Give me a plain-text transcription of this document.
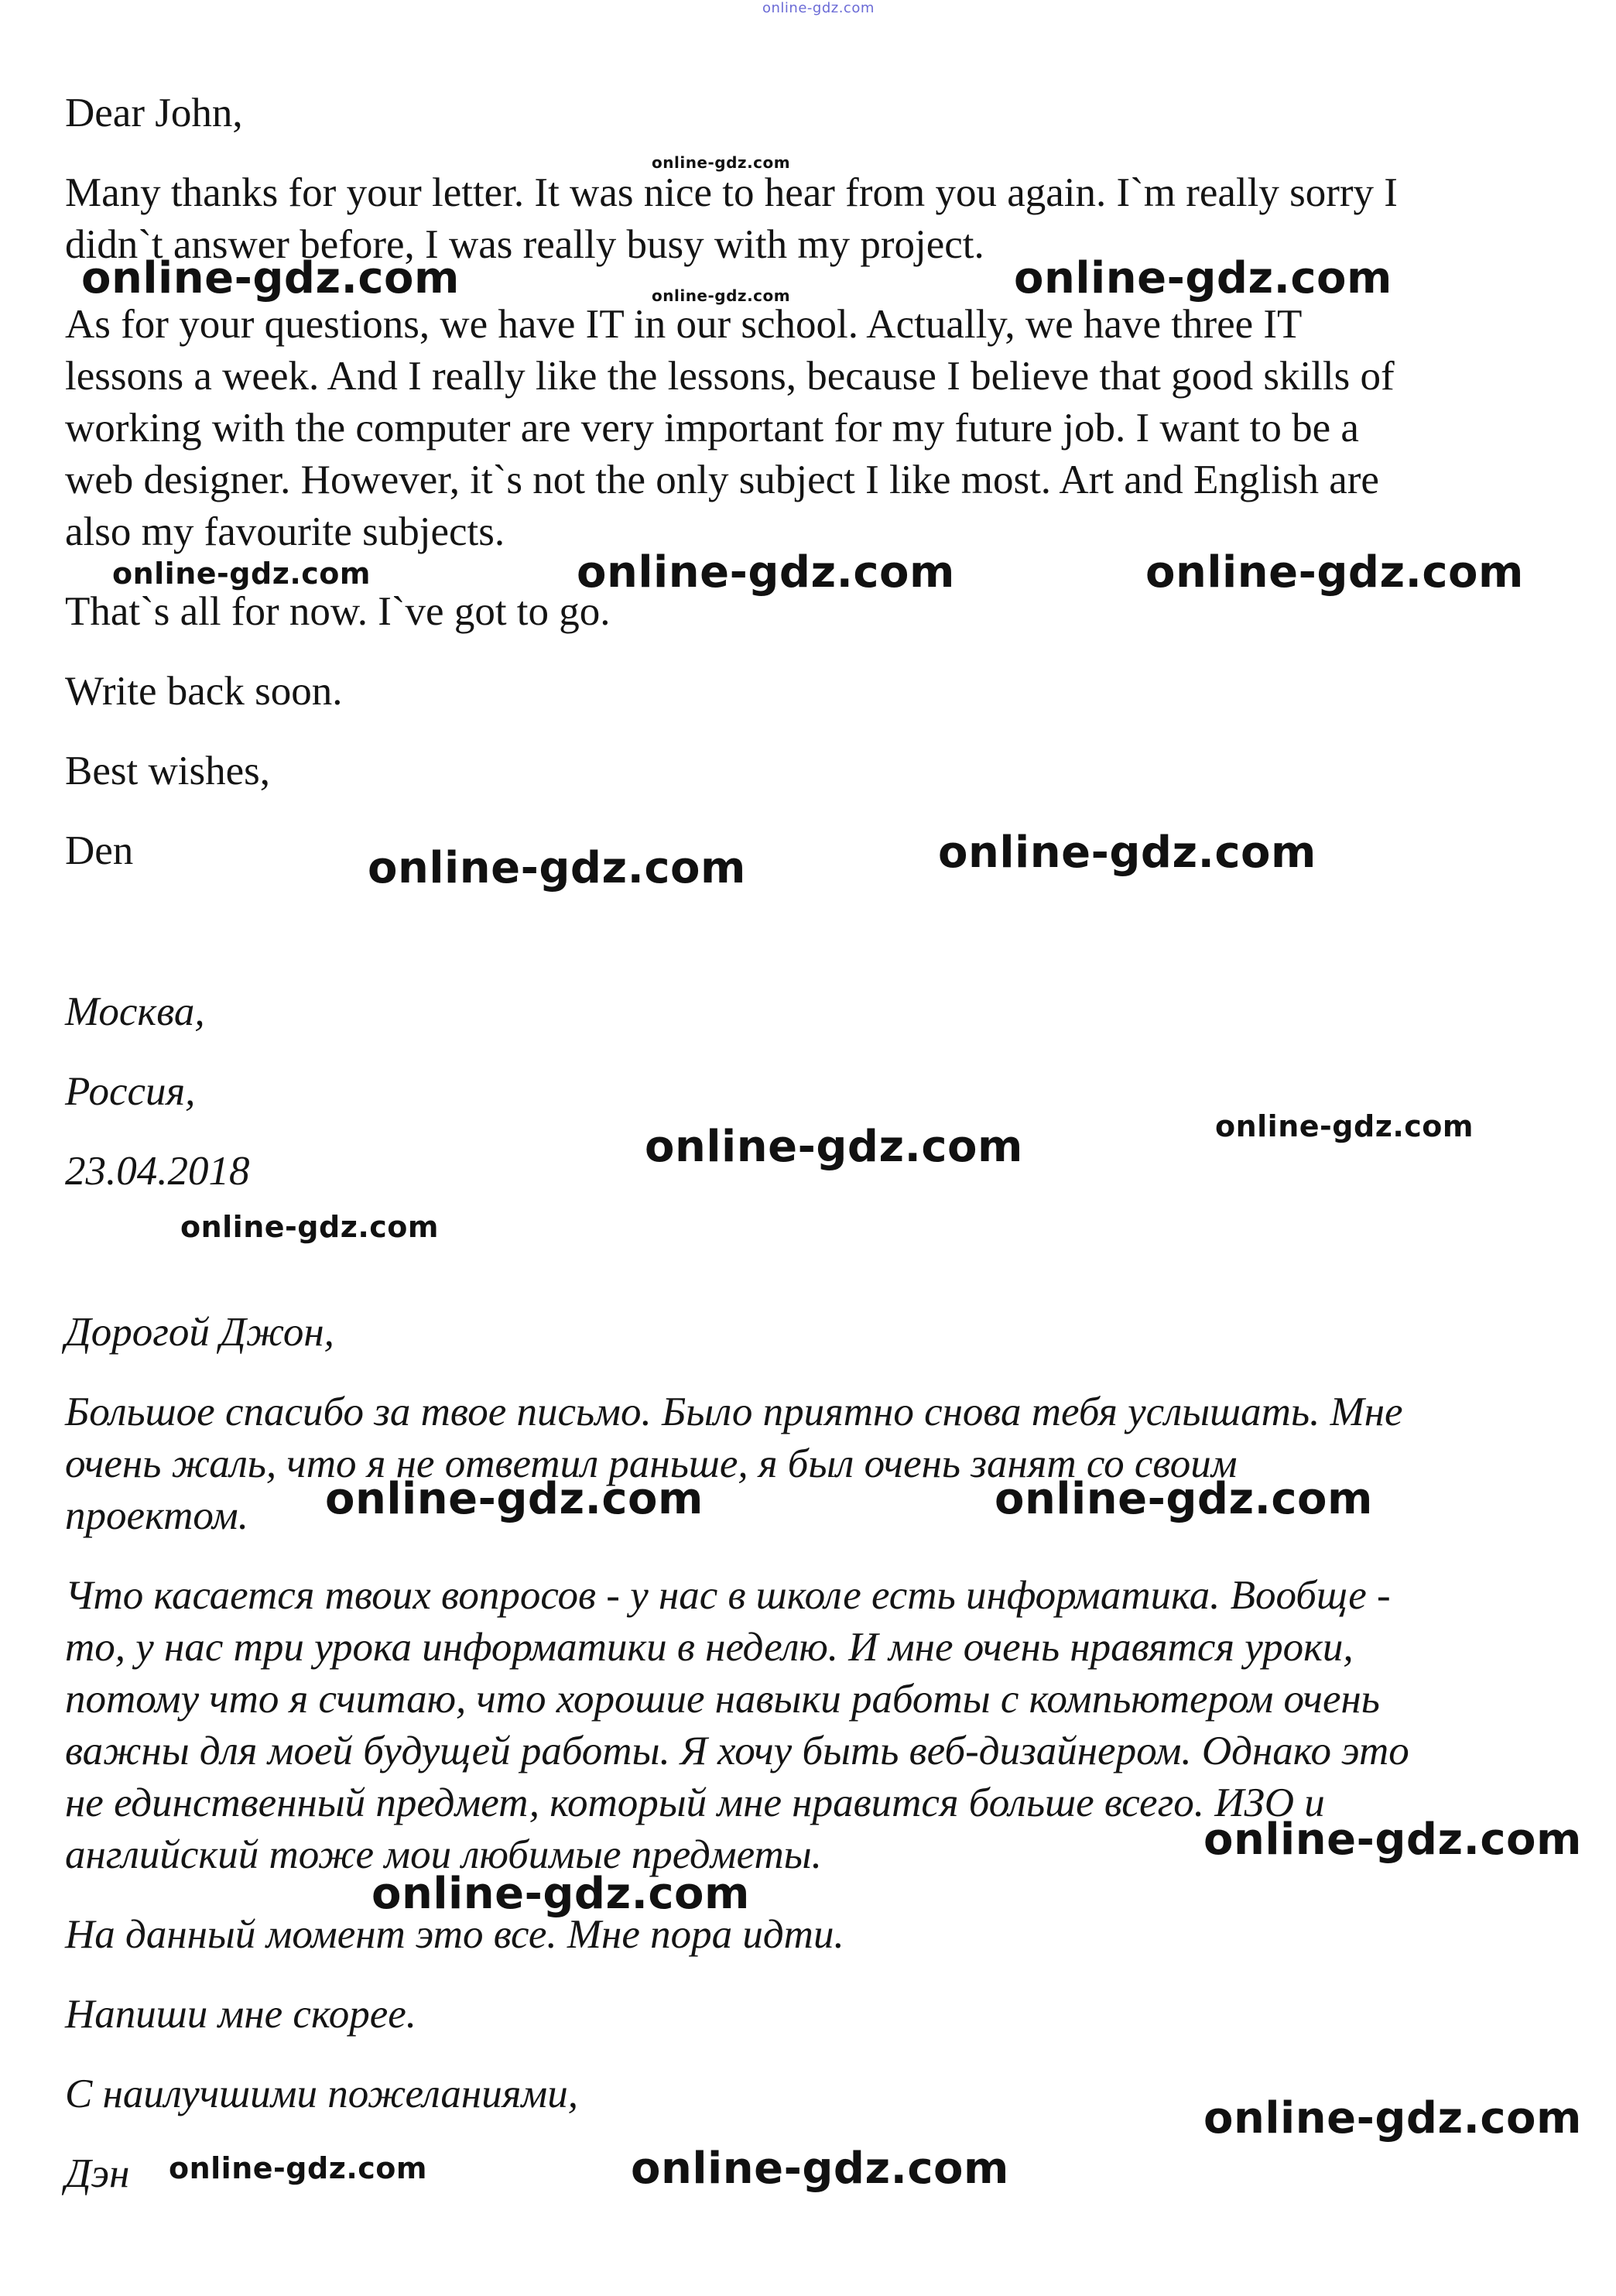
online-gdz.com
Dear John,
Many thanks for your letter. It was nice to hear from you again. I`m really sorry I
didn`t answer before, I was really busy with my project.
As for your questions, we have IT in our school. Actually, we have three IT
lessons a week. And I really like the lessons, because I believe that good skills of
working with the computer are very important for my future job. I want to be a
web designer. However, it`s not the only subject I like most. Art and English are
also my favourite subjects.
That`s all for now. I`ve got to go.
Write back soon.
Best wishes,
Den
Москва,
Россия,
23.04.2018
Дорогой Джон,
Большое спасибо за твое письмо. Было приятно снова тебя услышать. Мне
очень жаль, что я не ответил раньше, я был очень занят со своим
проектом.
Что касается твоих вопросов - у нас в школе есть информатика. Вообще -
то, у нас три урока информатики в неделю. И мне очень нравятся уроки,
потому что я считаю, что хорошие навыки работы с компьютером очень
важны для моей будущей работы. Я хочу быть веб-дизайнером. Однако это
не единственный предмет, который мне нравится больше всего. ИЗО и
английский тоже мои любимые предметы.
На данный момент это все. Мне пора идти.
Напиши мне скорее.
С наилучшими пожеланиями,
Дэн
online-gdz.com
online-gdz.com	online-gdz.com
online-gdz.com
online-gdz.com	online-gdz.com	online-gdz.com
online-gdz.com	online-gdz.com
online-gdz.com
online-gdz.com
online-gdz.com
online-gdz.com	online-gdz.com
online-gdz.com
online-gdz.com
online-gdz.com
online-gdz.com	online-gdz.com
